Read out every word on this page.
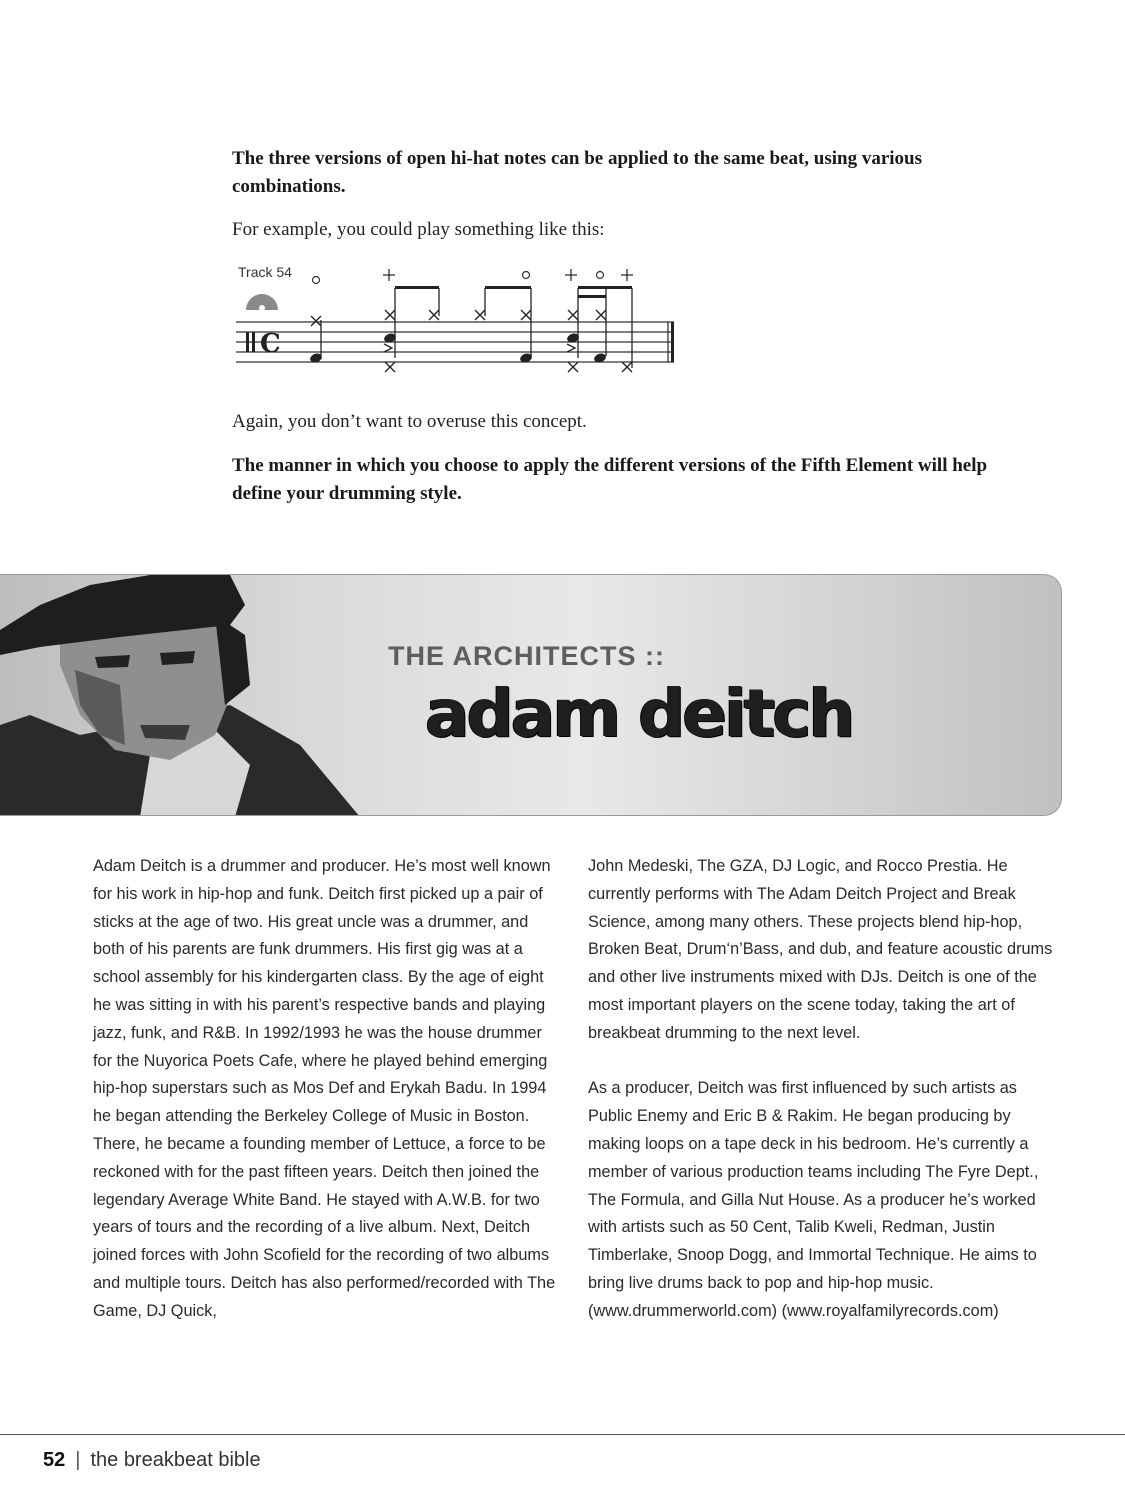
The three versions of open hi-hat notes can be applied to the same beat, using various combinations.
For example, you could play something like this:
Track 54
C
Again, you don’t want to overuse this concept.
The manner in which you choose to apply the different versions of the Fifth Element will help define your drumming style.
THE ARCHITECTS ::
adam deitch

Adam Deitch is a drummer and producer. He’s most well known for his work in hip-hop and funk. Deitch first picked up a pair of sticks at the age of two. His great uncle was a drummer, and both of his parents are funk drummers. His first gig was at a school assembly for his kindergarten class. By the age of eight he was sitting in with his parent’s respective bands and playing jazz, funk, and R&B. In 1992/1993 he was the house drummer for the Nuyorica Poets Cafe, where he played behind emerging hip-hop superstars such as Mos Def and Erykah Badu. In 1994 he began attending the Berkeley College of Music in Boston. There, he became a founding member of Lettuce, a force to be reckoned with for the past fifteen years. Deitch then joined the legendary Average White Band. He stayed with A.W.B. for two years of tours and the recording of a live album. Next, Deitch joined forces with John Scofield for the recording of two albums and multiple tours. Deitch has also performed/recorded with The Game, DJ Quick,

John Medeski, The GZA, DJ Logic, and Rocco Prestia. He currently performs with The Adam Deitch Project and Break Science, among many others. These projects blend hip-hop, Broken Beat, Drum‘n’Bass, and dub, and feature acoustic drums and other live instruments mixed with DJs. Deitch is one of the most important players on the scene today, taking the art of breakbeat drumming to the next level.

As a producer, Deitch was first influenced by such artists as Public Enemy and Eric B & Rakim. He began producing by making loops on a tape deck in his bedroom. He’s currently a member of various production teams including The Fyre Dept., The Formula, and Gilla Nut House. As a producer he’s worked with artists such as 50 Cent, Talib Kweli, Redman, Justin Timberlake, Snoop Dogg, and Immortal Technique. He aims to bring live drums back to pop and hip-hop music. (www.drummerworld.com) (www.royalfamilyrecords.com)

52 | the breakbeat bible
